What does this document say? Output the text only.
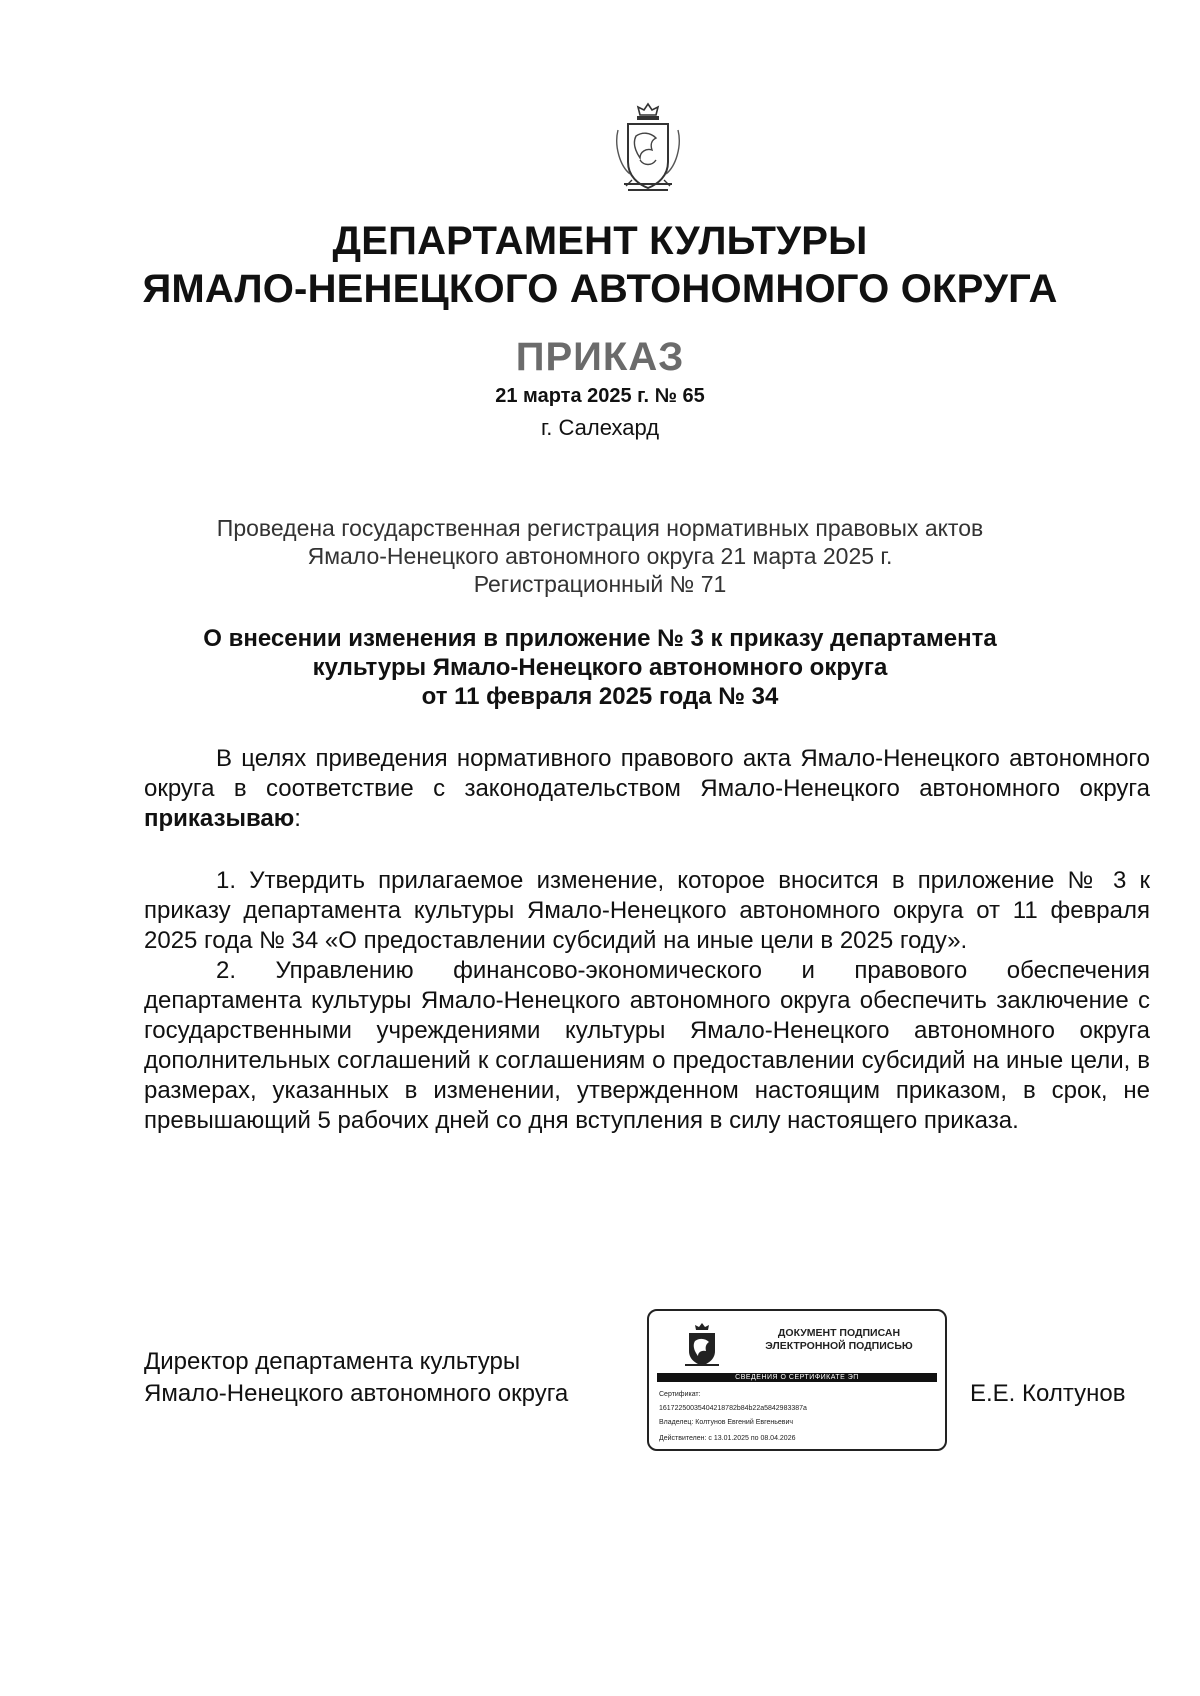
ДЕПАРТАМЕНТ КУЛЬТУРЫ
ЯМАЛО-НЕНЕЦКОГО АВТОНОМНОГО ОКРУГА
ПРИКАЗ
21 марта 2025 г. № 65
г. Салехард
Проведена государственная регистрация нормативных правовых актов
Ямало-Ненецкого автономного округа 21 марта 2025 г.
Регистрационный № 71
О внесении изменения в приложение № 3 к приказу департамента
культуры Ямало-Ненецкого автономного округа
от 11 февраля 2025 года № 34

В целях приведения нормативного правового акта Ямало-Ненецкого автономного округа в соответствие с законодательством Ямало-Ненецкого автономного округа приказываю:

1. Утвердить прилагаемое изменение, которое вносится в приложение № 3 к приказу департамента культуры Ямало-Ненецкого автономного округа от 11 февраля 2025 года № 34 «О предоставлении субсидий на иные цели в 2025 году».

2. Управлению финансово-экономического и правового обеспечения департамента культуры Ямало-Ненецкого автономного округа обеспечить заключение с государственными учреждениями культуры Ямало-Ненецкого автономного округа дополнительных соглашений к соглашениям о предоставлении субсидий на иные цели, в размерах, указанных в изменении, утвержденном настоящим приказом, в срок, не превышающий 5 рабочих дней со дня вступления в силу настоящего приказа.

Директор департамента культуры
Ямало-Ненецкого автономного округа	Е.Е. Колтунов
ДОКУМЕНТ ПОДПИСАН
ЭЛЕКТРОННОЙ ПОДПИСЬЮ
СВЕДЕНИЯ О СЕРТИФИКАТЕ ЭП
Сертификат:
16172250035404218782b84b22a5842983387a
Владелец: Колтунов Евгений Евгеньевич
Действителен: с 13.01.2025 по 08.04.2026
